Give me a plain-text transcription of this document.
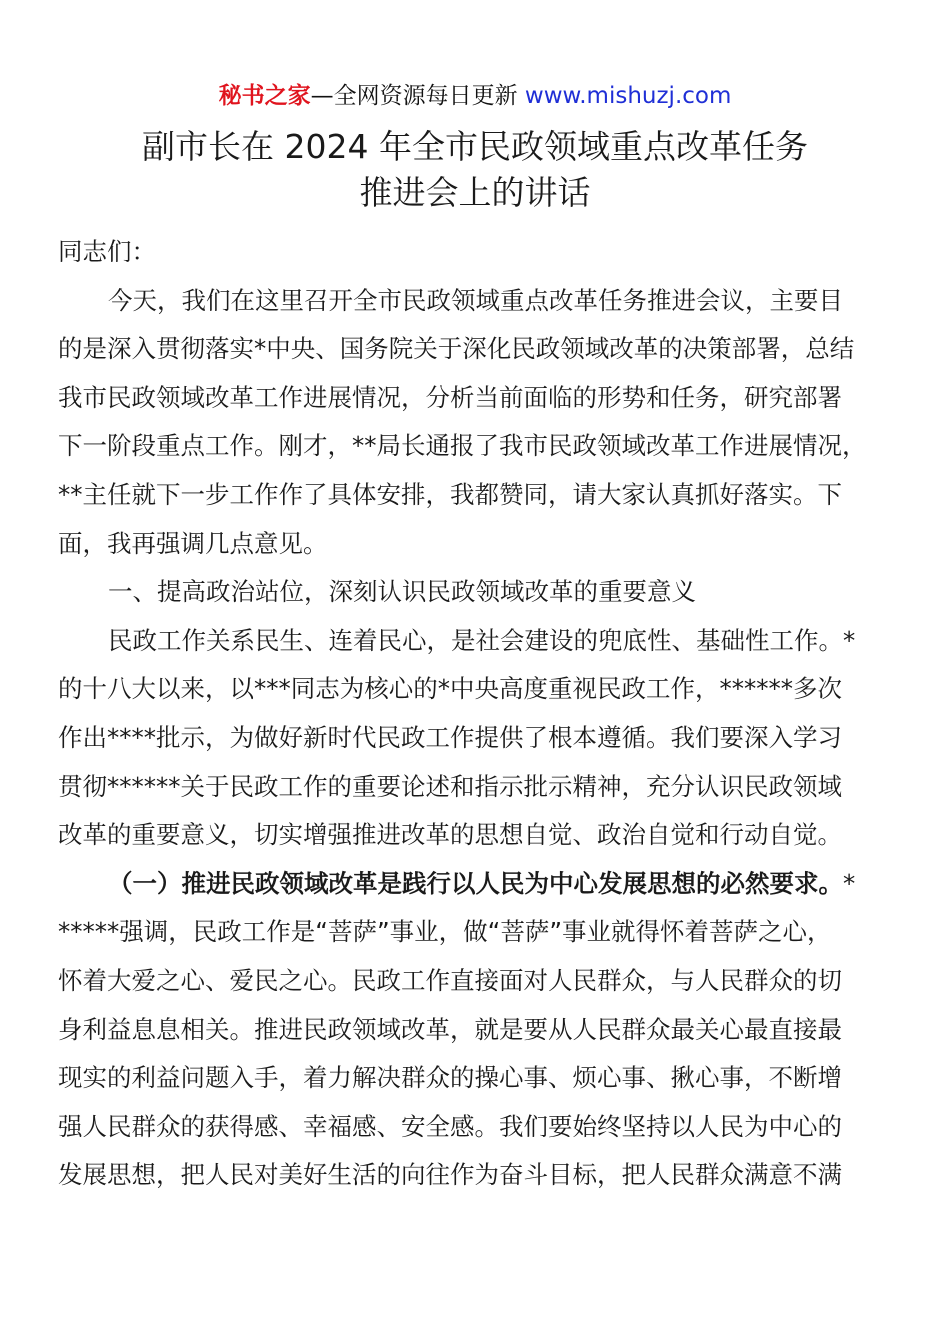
秘书之家—全网资源每日更新 www.mishuzj.com
副市长在 2024 年全市民政领域重点改革任务
推进会上的讲话
同志们：
今天，我们在这里召开全市民政领域重点改革任务推进会议，主要目
的是深入贯彻落实*中央、国务院关于深化民政领域改革的决策部署，总结
我市民政领域改革工作进展情况，分析当前面临的形势和任务，研究部署
下一阶段重点工作。刚才，**局长通报了我市民政领域改革工作进展情况，
**主任就下一步工作作了具体安排，我都赞同，请大家认真抓好落实。下
面，我再强调几点意见。
一、提高政治站位，深刻认识民政领域改革的重要意义
民政工作关系民生、连着民心，是社会建设的兜底性、基础性工作。*
的十八大以来，以***同志为核心的*中央高度重视民政工作，******多次
作出****批示，为做好新时代民政工作提供了根本遵循。我们要深入学习
贯彻******关于民政工作的重要论述和指示批示精神，充分认识民政领域
改革的重要意义，切实增强推进改革的思想自觉、政治自觉和行动自觉。
（一）推进民政领域改革是践行以人民为中心发展思想的必然要求。*
*****强调，民政工作是“菩萨”事业，做“菩萨”事业就得怀着菩萨之心，
怀着大爱之心、爱民之心。民政工作直接面对人民群众，与人民群众的切
身利益息息相关。推进民政领域改革，就是要从人民群众最关心最直接最
现实的利益问题入手，着力解决群众的操心事、烦心事、揪心事，不断增
强人民群众的获得感、幸福感、安全感。我们要始终坚持以人民为中心的
发展思想，把人民对美好生活的向往作为奋斗目标，把人民群众满意不满
